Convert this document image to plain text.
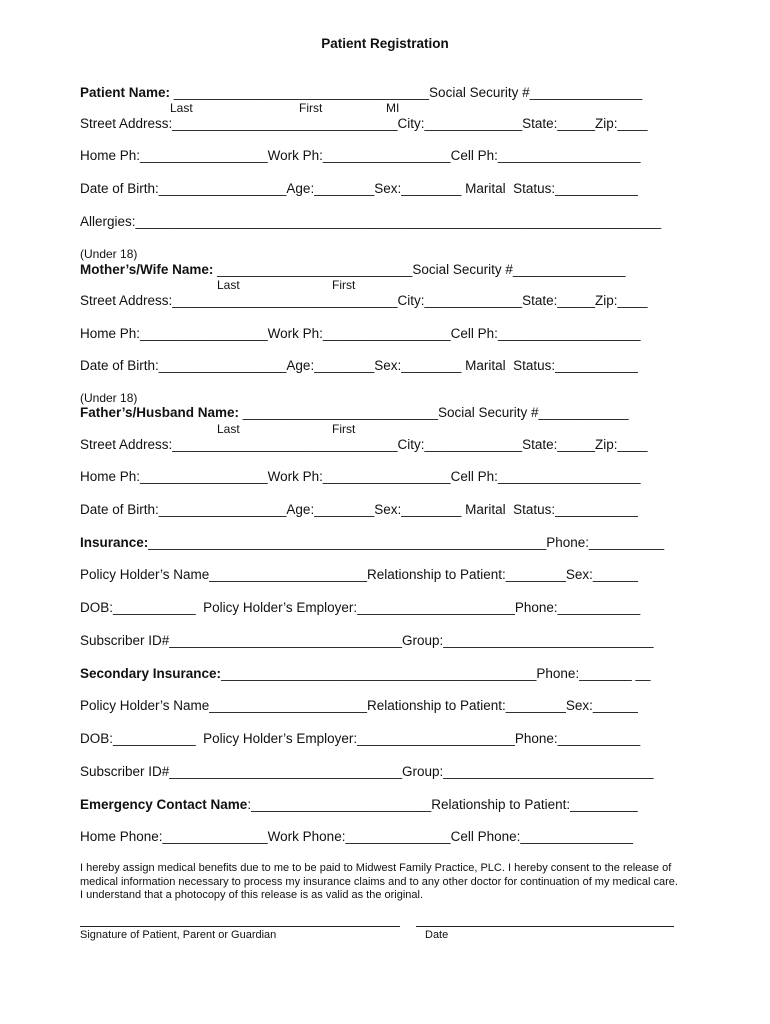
Patient Registration
Patient Name: __________________________________Social Security #_______________
Last	First	MI
Street Address:______________________________City:_____________State:_____Zip:____
Home Ph:_________________Work Ph:_________________Cell Ph:___________________
Date of Birth:_________________Age:________Sex:________ Marital  Status:___________
Allergies:______________________________________________________________________
(Under 18)
Mother’s/Wife Name: __________________________Social Security #_______________
Last	First
Street Address:______________________________City:_____________State:_____Zip:____
Home Ph:_________________Work Ph:_________________Cell Ph:___________________
Date of Birth:_________________Age:________Sex:________ Marital  Status:___________
(Under 18)
Father’s/Husband Name: __________________________Social Security #____________
Last	First
Street Address:______________________________City:_____________State:_____Zip:____
Home Ph:_________________Work Ph:_________________Cell Ph:___________________
Date of Birth:_________________Age:________Sex:________ Marital  Status:___________
Insurance:_____________________________________________________Phone:__________
Policy Holder’s Name_____________________Relationship to Patient:________Sex:______
DOB:___________  Policy Holder’s Employer:_____________________Phone:___________
Subscriber ID#_______________________________Group:____________________________
Secondary Insurance:__________________________________________Phone:_______ __
Policy Holder’s Name_____________________Relationship to Patient:________Sex:______
DOB:___________  Policy Holder’s Employer:_____________________Phone:___________
Subscriber ID#_______________________________Group:____________________________
Emergency Contact Name:________________________Relationship to Patient:_________
Home Phone:______________Work Phone:______________Cell Phone:_______________
I hereby assign medical benefits due to me to be paid to Midwest Family Practice, PLC. I hereby consent to the release of medical information necessary to process my insurance claims and to any other doctor for continuation of my medical care. I understand that a photocopy of this release is as valid as the original.
Signature of Patient, Parent or Guardian	Date
